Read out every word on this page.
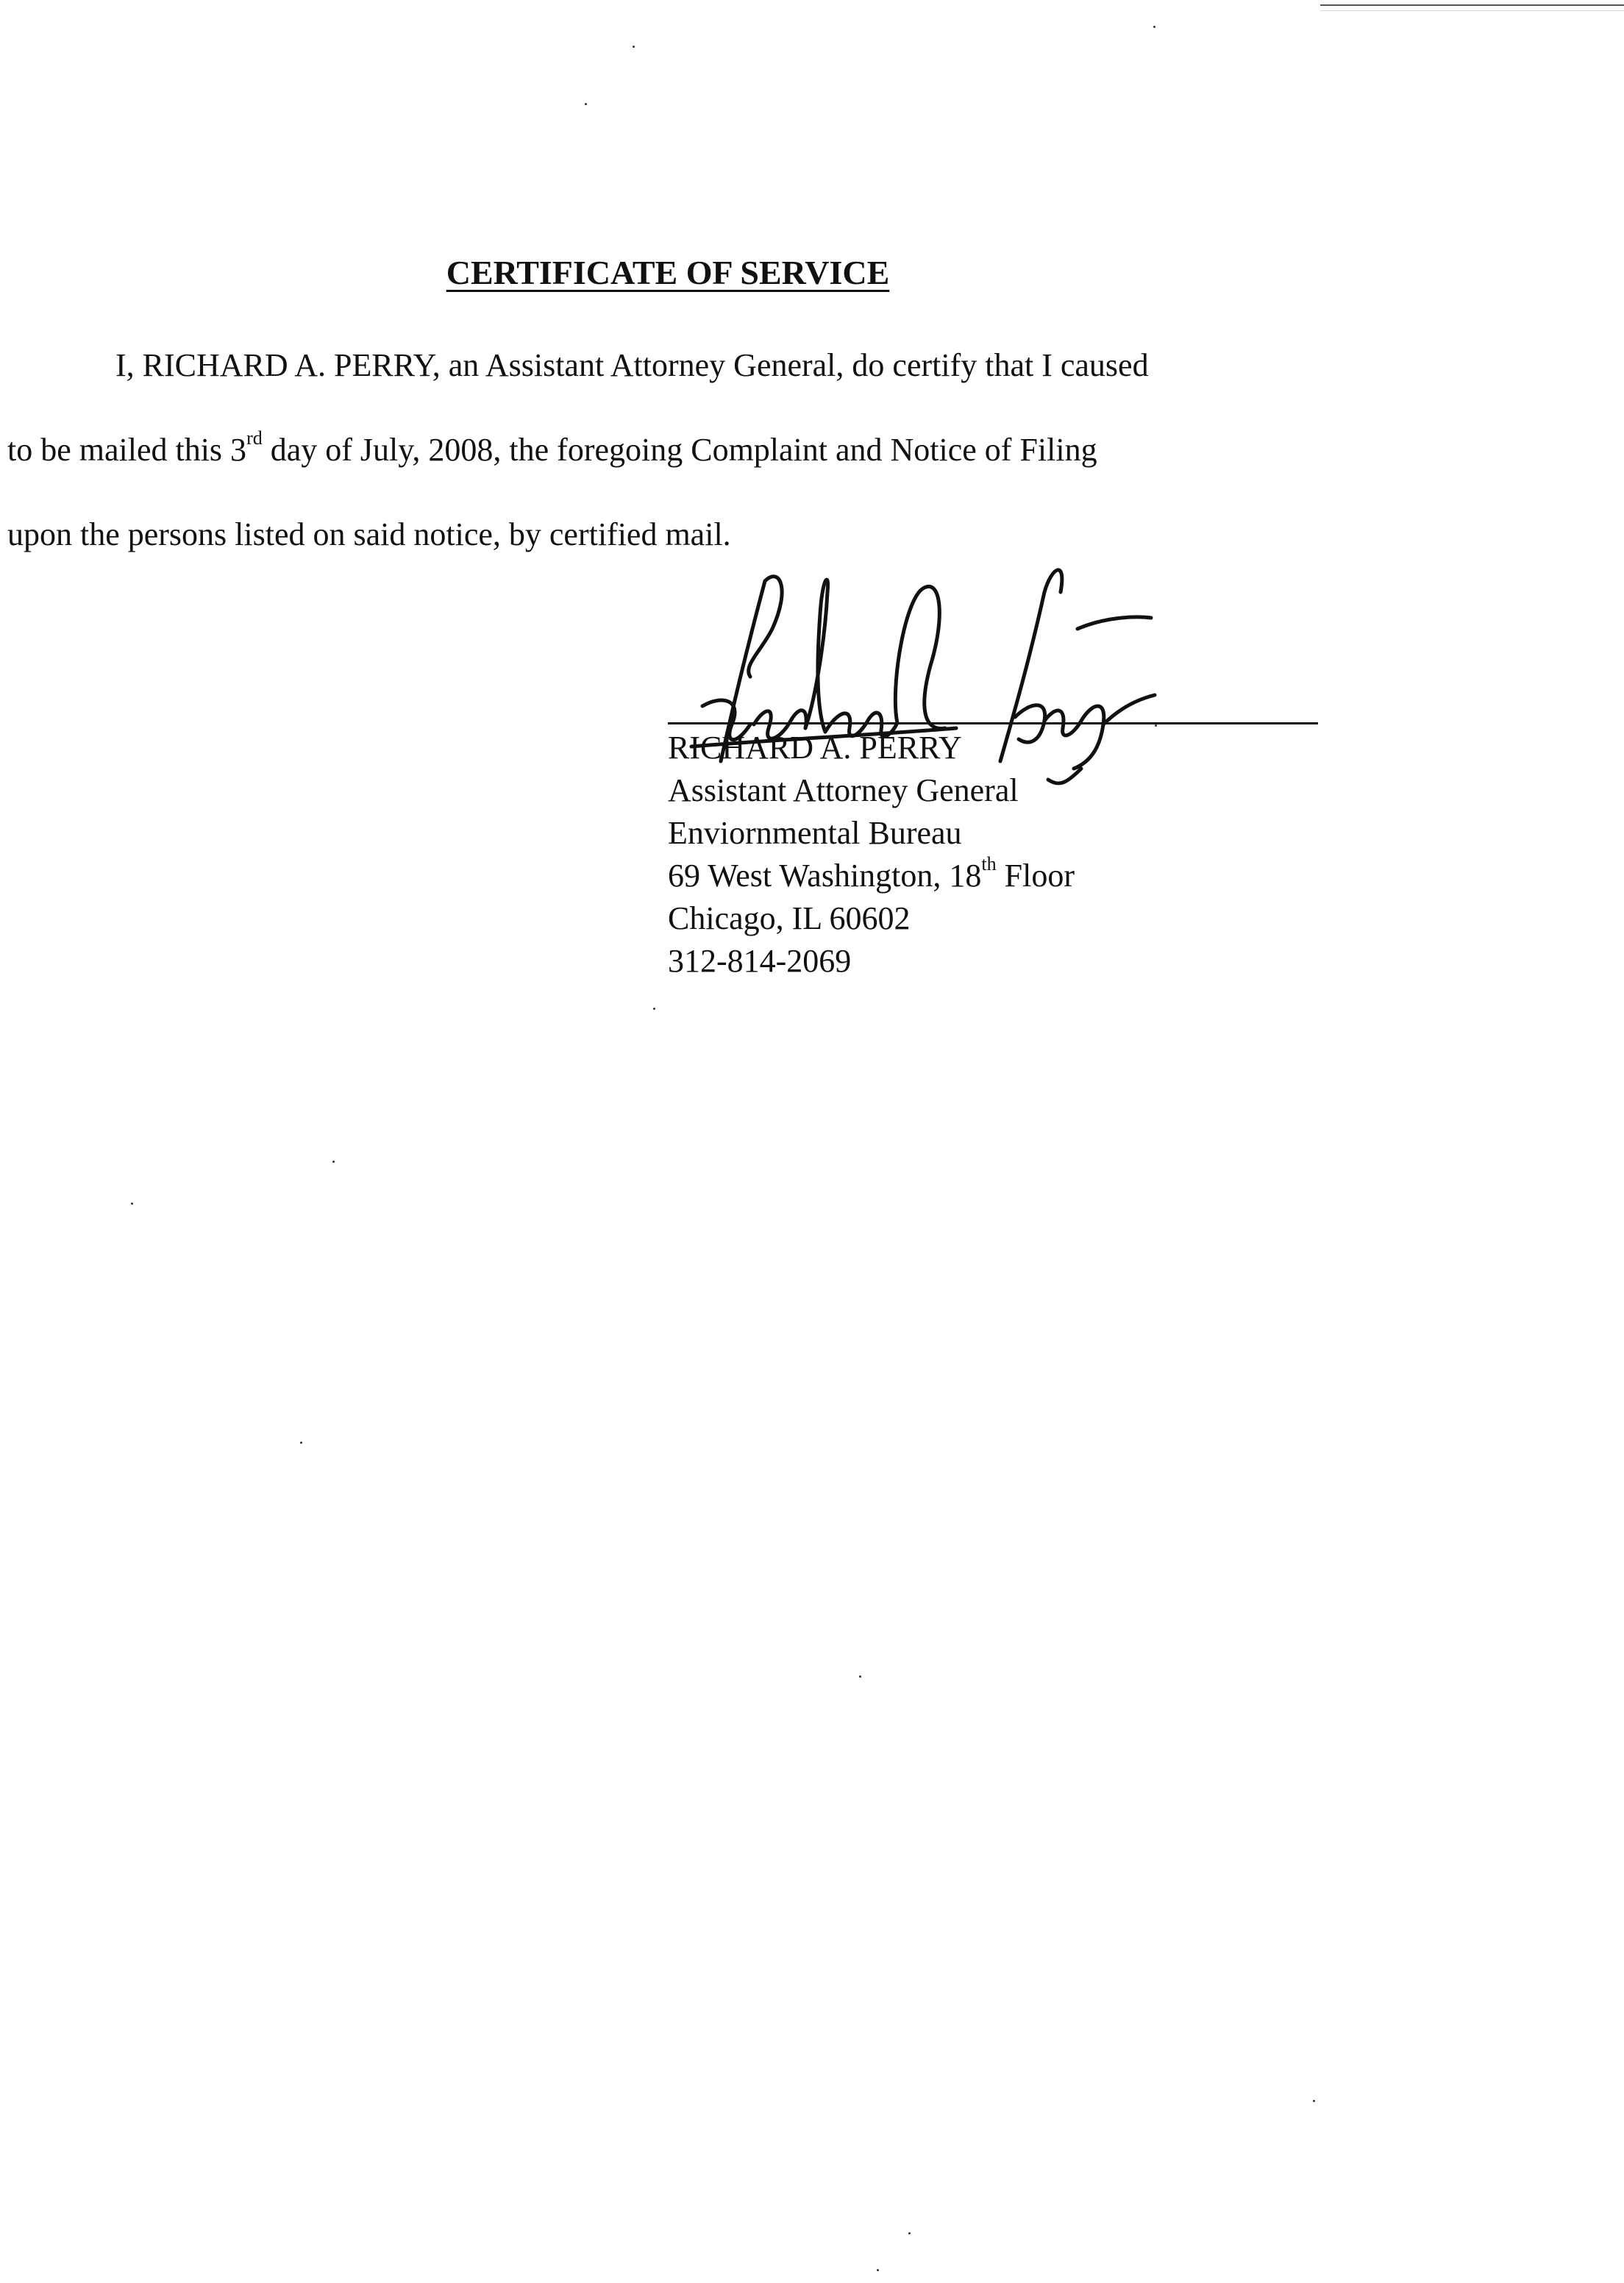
CERTIFICATE OF SERVICE

I, RICHARD A. PERRY, an Assistant Attorney General, do certify that I caused

to be mailed this 3rd day of July, 2008, the foregoing Complaint and Notice of Filing

upon the persons listed on said notice, by certified mail.

RICHARD A. PERRY
Assistant Attorney General
Enviornmental Bureau
69 West Washington, 18th Floor
Chicago, IL 60602
312-814-2069
